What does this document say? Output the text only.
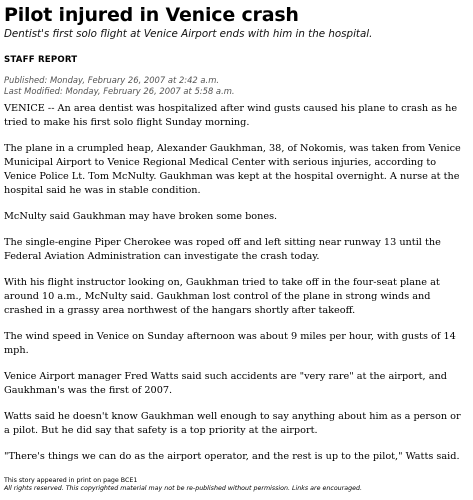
Pilot injured in Venice crash
Dentist's first solo flight at Venice Airport ends with him in the hospital.
STAFF REPORT
Published: Monday, February 26, 2007 at 2:42 a.m.
Last Modified: Monday, February 26, 2007 at 5:58 a.m.

VENICE -- An area dentist was hospitalized after wind gusts caused his plane to crash as he tried to make his first solo flight Sunday morning.

The plane in a crumpled heap, Alexander Gaukhman, 38, of Nokomis, was taken from Venice Municipal Airport to Venice Regional Medical Center with serious injuries, according to Venice Police Lt. Tom McNulty. Gaukhman was kept at the hospital overnight. A nurse at the hospital said he was in stable condition.

McNulty said Gaukhman may have broken some bones.

The single-engine Piper Cherokee was roped off and left sitting near runway 13 until the Federal Aviation Administration can investigate the crash today.

With his flight instructor looking on, Gaukhman tried to take off in the four-seat plane at around 10 a.m., McNulty said. Gaukhman lost control of the plane in strong winds and crashed in a grassy area northwest of the hangars shortly after takeoff.

The wind speed in Venice on Sunday afternoon was about 9 miles per hour, with gusts of 14 mph.

Venice Airport manager Fred Watts said such accidents are "very rare" at the airport, and Gaukhman's was the first of 2007.

Watts said he doesn't know Gaukhman well enough to say anything about him as a person or a pilot. But he did say that safety is a top priority at the airport.

"There's things we can do as the airport operator, and the rest is up to the pilot," Watts said.

This story appeared in print on page BCE1
All rights reserved. This copyrighted material may not be re-published without permission. Links are encouraged.
